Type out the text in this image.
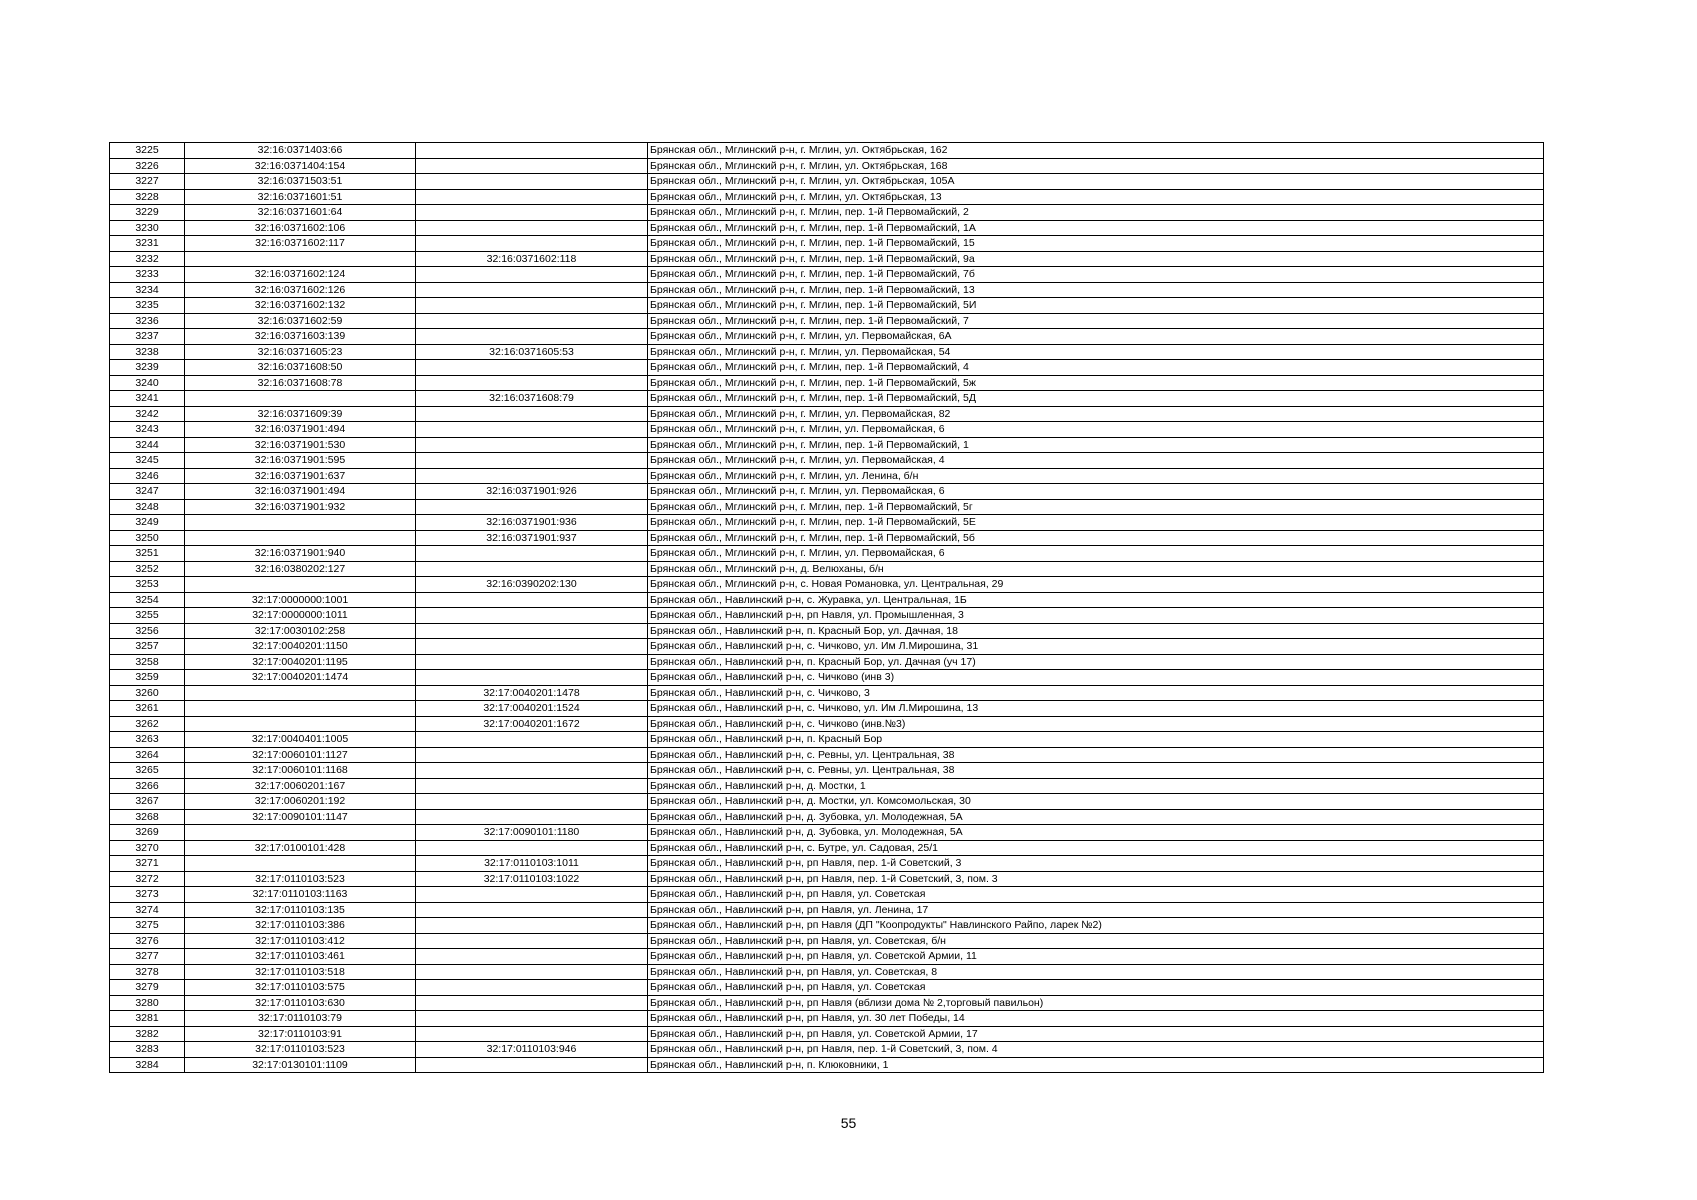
3225	32:16:0371403:66		Брянская обл., Мглинский р-н, г. Мглин, ул. Октябрьская, 162
3226	32:16:0371404:154		Брянская обл., Мглинский р-н, г. Мглин, ул. Октябрьская, 168
3227	32:16:0371503:51		Брянская обл., Мглинский р-н, г. Мглин, ул. Октябрьская, 105А
3228	32:16:0371601:51		Брянская обл., Мглинский р-н, г. Мглин, ул. Октябрьская, 13
3229	32:16:0371601:64		Брянская обл., Мглинский р-н, г. Мглин, пер. 1-й Первомайский, 2
3230	32:16:0371602:106		Брянская обл., Мглинский р-н, г. Мглин, пер. 1-й Первомайский, 1А
3231	32:16:0371602:117		Брянская обл., Мглинский р-н, г. Мглин, пер. 1-й Первомайский, 15
3232		32:16:0371602:118	Брянская обл., Мглинский р-н, г. Мглин, пер. 1-й Первомайский, 9а
3233	32:16:0371602:124		Брянская обл., Мглинский р-н, г. Мглин, пер. 1-й Первомайский, 7б
3234	32:16:0371602:126		Брянская обл., Мглинский р-н, г. Мглин, пер. 1-й Первомайский, 13
3235	32:16:0371602:132		Брянская обл., Мглинский р-н, г. Мглин, пер. 1-й Первомайский, 5И
3236	32:16:0371602:59		Брянская обл., Мглинский р-н, г. Мглин, пер. 1-й Первомайский, 7
3237	32:16:0371603:139		Брянская обл., Мглинский р-н, г. Мглин, ул. Первомайская, 6А
3238	32:16:0371605:23	32:16:0371605:53	Брянская обл., Мглинский р-н, г. Мглин, ул. Первомайская, 54
3239	32:16:0371608:50		Брянская обл., Мглинский р-н, г. Мглин, пер. 1-й Первомайский, 4
3240	32:16:0371608:78		Брянская обл., Мглинский р-н, г. Мглин, пер. 1-й Первомайский, 5ж
3241		32:16:0371608:79	Брянская обл., Мглинский р-н, г. Мглин, пер. 1-й Первомайский, 5Д
3242	32:16:0371609:39		Брянская обл., Мглинский р-н, г. Мглин, ул. Первомайская, 82
3243	32:16:0371901:494		Брянская обл., Мглинский р-н, г. Мглин, ул. Первомайская, 6
3244	32:16:0371901:530		Брянская обл., Мглинский р-н, г. Мглин, пер. 1-й Первомайский, 1
3245	32:16:0371901:595		Брянская обл., Мглинский р-н, г. Мглин, ул. Первомайская, 4
3246	32:16:0371901:637		Брянская обл., Мглинский р-н, г. Мглин, ул. Ленина, б/н
3247	32:16:0371901:494	32:16:0371901:926	Брянская обл., Мглинский р-н, г. Мглин, ул. Первомайская, 6
3248	32:16:0371901:932		Брянская обл., Мглинский р-н, г. Мглин, пер. 1-й Первомайский, 5г
3249		32:16:0371901:936	Брянская обл., Мглинский р-н, г. Мглин, пер. 1-й Первомайский, 5Е
3250		32:16:0371901:937	Брянская обл., Мглинский р-н, г. Мглин, пер. 1-й Первомайский, 5б
3251	32:16:0371901:940		Брянская обл., Мглинский р-н, г. Мглин, ул. Первомайская, 6
3252	32:16:0380202:127		Брянская обл., Мглинский р-н, д. Велюханы, б/н
3253		32:16:0390202:130	Брянская обл., Мглинский р-н, с. Новая Романовка, ул. Центральная, 29
3254	32:17:0000000:1001		Брянская обл., Навлинский р-н, с. Журавка, ул. Центральная, 1Б
3255	32:17:0000000:1011		Брянская обл., Навлинский р-н, рп Навля, ул. Промышленная, 3
3256	32:17:0030102:258		Брянская обл., Навлинский р-н, п. Красный Бор, ул. Дачная, 18
3257	32:17:0040201:1150		Брянская обл., Навлинский р-н, с. Чичково, ул. Им Л.Мирошина, 31
3258	32:17:0040201:1195		Брянская обл., Навлинский р-н, п. Красный Бор, ул. Дачная (уч 17)
3259	32:17:0040201:1474		Брянская обл., Навлинский р-н, с. Чичково (инв 3)
3260		32:17:0040201:1478	Брянская обл., Навлинский р-н, с. Чичково, 3
3261		32:17:0040201:1524	Брянская обл., Навлинский р-н, с. Чичково, ул. Им Л.Мирошина, 13
3262		32:17:0040201:1672	Брянская обл., Навлинский р-н, с. Чичково (инв.№3)
3263	32:17:0040401:1005		Брянская обл., Навлинский р-н, п. Красный Бор
3264	32:17:0060101:1127		Брянская обл., Навлинский р-н, с. Ревны, ул. Центральная, 38
3265	32:17:0060101:1168		Брянская обл., Навлинский р-н, с. Ревны, ул. Центральная, 38
3266	32:17:0060201:167		Брянская обл., Навлинский р-н, д. Мостки, 1
3267	32:17:0060201:192		Брянская обл., Навлинский р-н, д. Мостки, ул. Комсомольская, 30
3268	32:17:0090101:1147		Брянская обл., Навлинский р-н, д. Зубовка, ул. Молодежная, 5А
3269		32:17:0090101:1180	Брянская обл., Навлинский р-н, д. Зубовка, ул. Молодежная, 5А
3270	32:17:0100101:428		Брянская обл., Навлинский р-н, с. Бутре, ул. Садовая, 25/1
3271		32:17:0110103:1011	Брянская обл., Навлинский р-н, рп Навля, пер. 1-й Советский, 3
3272	32:17:0110103:523	32:17:0110103:1022	Брянская обл., Навлинский р-н, рп Навля, пер. 1-й Советский, 3, пом. 3
3273	32:17:0110103:1163		Брянская обл., Навлинский р-н, рп Навля, ул. Советская
3274	32:17:0110103:135		Брянская обл., Навлинский р-н, рп Навля, ул. Ленина, 17
3275	32:17:0110103:386		Брянская обл., Навлинский р-н, рп Навля (ДП "Коопродукты" Навлинского Райпо, ларек №2)
3276	32:17:0110103:412		Брянская обл., Навлинский р-н, рп Навля, ул. Советская, б/н
3277	32:17:0110103:461		Брянская обл., Навлинский р-н, рп Навля, ул. Советской Армии, 11
3278	32:17:0110103:518		Брянская обл., Навлинский р-н, рп Навля, ул. Советская, 8
3279	32:17:0110103:575		Брянская обл., Навлинский р-н, рп Навля, ул. Советская
3280	32:17:0110103:630		Брянская обл., Навлинский р-н, рп Навля (вблизи дома № 2,торговый павильон)
3281	32:17:0110103:79		Брянская обл., Навлинский р-н, рп Навля, ул. 30 лет Победы, 14
3282	32:17:0110103:91		Брянская обл., Навлинский р-н, рп Навля, ул. Советской Армии, 17
3283	32:17:0110103:523	32:17:0110103:946	Брянская обл., Навлинский р-н, рп Навля, пер. 1-й Советский, 3, пом. 4
3284	32:17:0130101:1109		Брянская обл., Навлинский р-н, п. Клюковники, 1
55
